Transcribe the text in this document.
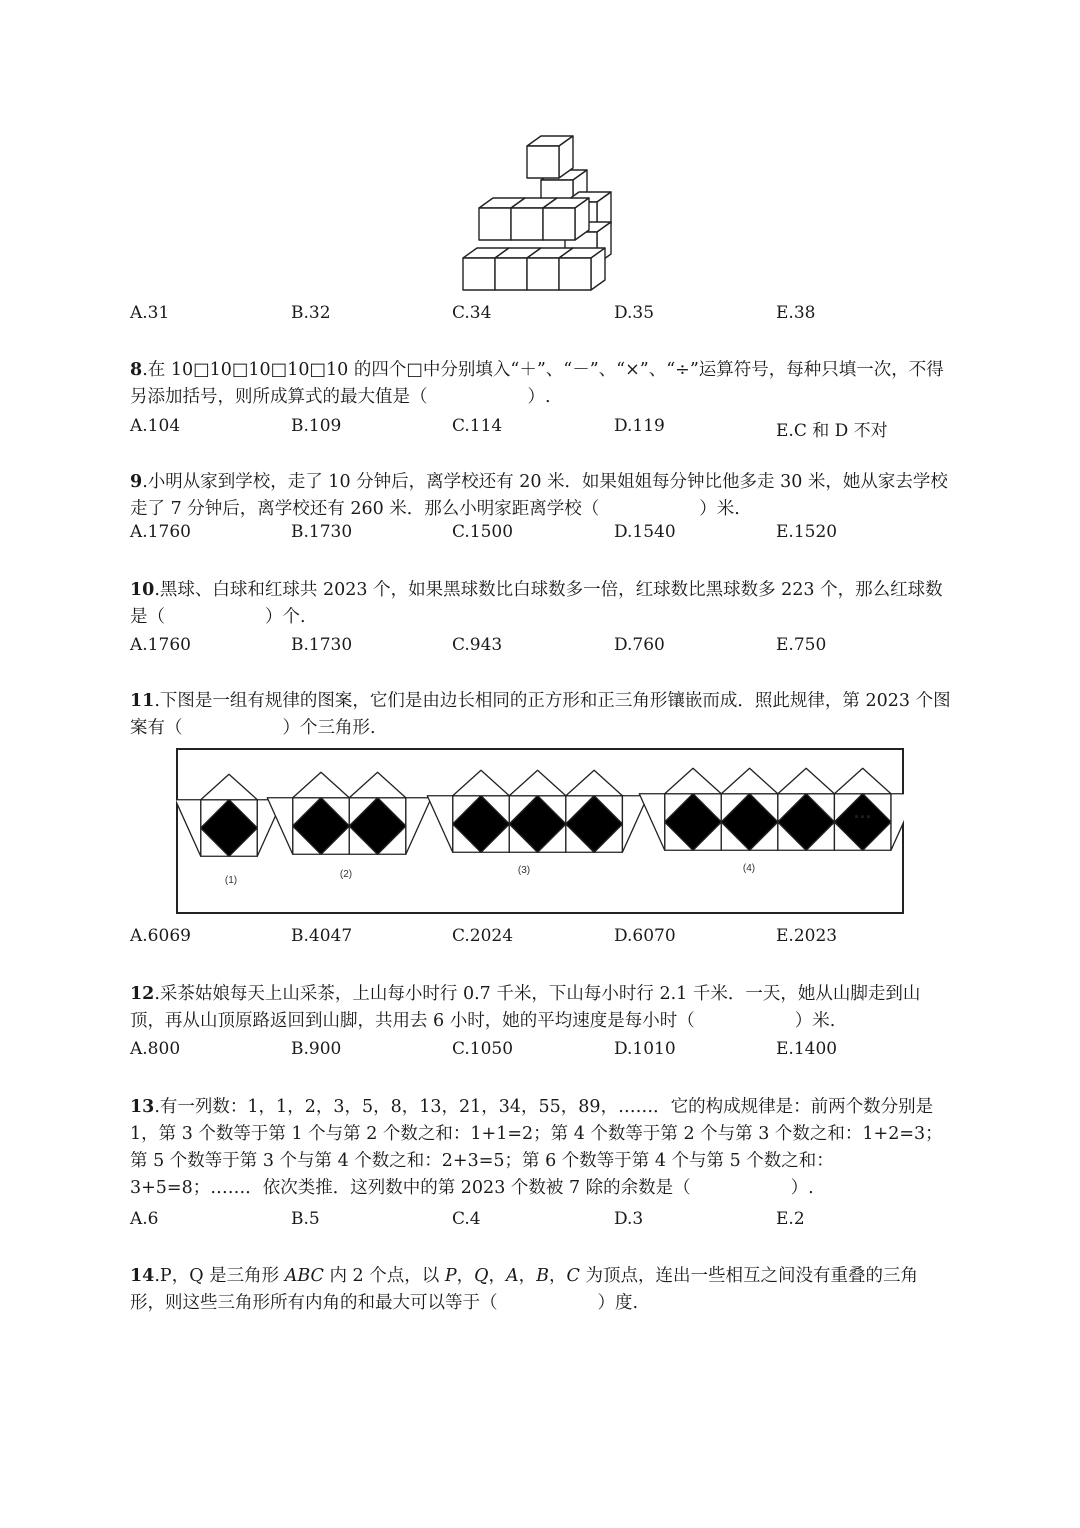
A.31	B.32	C.34	D.35	E.38
8.在 10□10□10□10□10 的四个□中分别填入“＋”、“－”、“×”、“÷”运算符号，每种只填一次，不得另添加括号，则所成算式的最大值是（	）.
A.104	B.109	C.114	D.119	E.C 和 D 不对
9.小明从家到学校，走了 10 分钟后，离学校还有 20 米．如果姐姐每分钟比他多走 30 米，她从家去学校走了 7 分钟后，离学校还有 260 米．那么小明家距离学校（	）米.
A.1760	B.1730	C.1500	D.1540	E.1520
10.黑球、白球和红球共 2023 个，如果黑球数比白球数多一倍，红球数比黑球数多 223 个，那么红球数是（	）个.
A.1760	B.1730	C.943	D.760	E.750
11.下图是一组有规律的图案，它们是由边长相同的正方形和正三角形镶嵌而成．照此规律，第 2023 个图案有（	）个三角形.
(1)
(2)	(3)	(4)
···
A.6069	B.4047	C.2024	D.6070	E.2023
12.采茶姑娘每天上山采茶，上山每小时行 0.7 千米，下山每小时行 2.1 千米．一天，她从山脚走到山顶，再从山顶原路返回到山脚，共用去 6 小时，她的平均速度是每小时（	）米.
A.800	B.900	C.1050	D.1010	E.1400
13.有一列数：1，1，2，3，5，8，13，21，34，55，89，……．它的构成规律是：前两个数分别是 1，第 3 个数等于第 1 个与第 2 个数之和：1+1=2；第 4 个数等于第 2 个与第 3 个数之和：1+2=3；第 5 个数等于第 3 个与第 4 个数之和：2+3=5；第 6 个数等于第 4 个与第 5 个数之和：3+5=8；……．依次类推．这列数中的第 2023 个数被 7 除的余数是（	）.
A.6	B.5	C.4	D.3	E.2
14.P，Q 是三角形 ABC 内 2 个点，以 P，Q，A，B，C 为顶点，连出一些相互之间没有重叠的三角形，则这些三角形所有内角的和最大可以等于（	）度.
